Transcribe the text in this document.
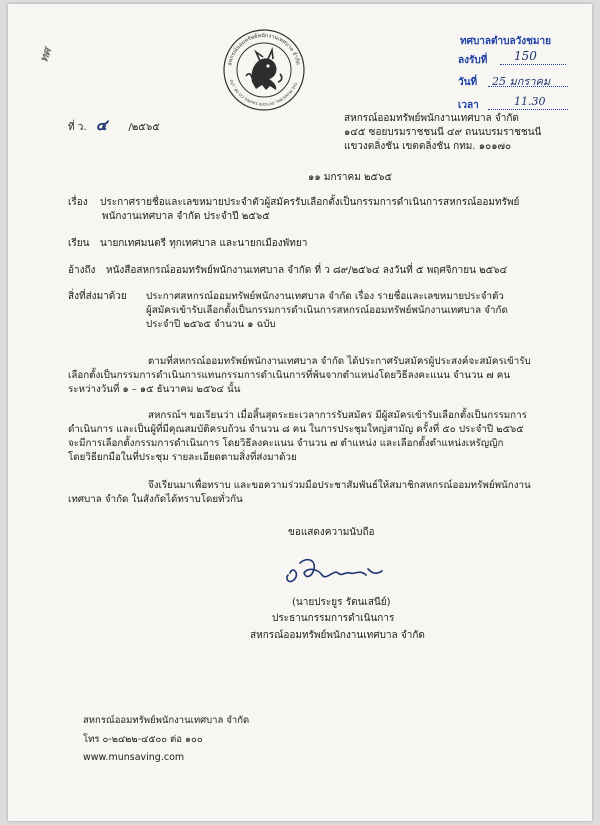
ทศ	สหกรณ์ออมทรัพย์พนักงานเทศบาล จำกัด
THE MUNICIPAL OFFICER SAVING CO-OP., LTD.
ทศบาลตำบลวังชมาย
ลงรับที่ 150
วันที่ 25 มกราคม
เวลา	11.30
ที่ ว. ๔ /๒๕๖๕
สหกรณ์ออมทรัพย์พนักงานเทศบาล จำกัด
๑๔๕ ซอยบรมราชชนนี ๔๙ ถนนบรมราชชนนี
แขวงตลิ่งชัน เขตตลิ่งชัน กทม. ๑๐๑๗๐
๑๑ มกราคม ๒๕๖๕
เรื่อง ประกาศรายชื่อและเลขหมายประจำตัวผู้สมัครรับเลือกตั้งเป็นกรรมการดำเนินการสหกรณ์ออมทรัพย์
พนักงานเทศบาล จำกัด ประจำปี ๒๕๖๕
เรียน นายกเทศมนตรี ทุกเทศบาล และนายกเมืองพัทยา
อ้างถึง หนังสือสหกรณ์ออมทรัพย์พนักงานเทศบาล จำกัด ที่ ว ๘๙/๒๕๖๔ ลงวันที่ ๕ พฤศจิกายน ๒๕๖๔
สิ่งที่ส่งมาด้วย ประกาศสหกรณ์ออมทรัพย์พนักงานเทศบาล จำกัด เรื่อง รายชื่อและเลขหมายประจำตัว
ผู้สมัครเข้ารับเลือกตั้งเป็นกรรมการดำเนินการสหกรณ์ออมทรัพย์พนักงานเทศบาล จำกัด
ประจำปี ๒๕๖๕ จำนวน ๑ ฉบับ
ตามที่สหกรณ์ออมทรัพย์พนักงานเทศบาล จำกัด ได้ประกาศรับสมัครผู้ประสงค์จะสมัครเข้ารับ
เลือกตั้งเป็นกรรมการดำเนินการแทนกรรมการดำเนินการที่พ้นจากตำแหน่งโดยวิธีลงคะแนน จำนวน ๗ คน
ระหว่างวันที่ ๑ – ๑๕ ธันวาคม ๒๕๖๔ นั้น
สหกรณ์ฯ ขอเรียนว่า เมื่อสิ้นสุดระยะเวลาการรับสมัคร มีผู้สมัครเข้ารับเลือกตั้งเป็นกรรมการ
ดำเนินการ และเป็นผู้ที่มีคุณสมบัติครบถ้วน จำนวน ๘ คน ในการประชุมใหญ่สามัญ ครั้งที่ ๕๐ ประจำปี ๒๕๖๕
จะมีการเลือกตั้งกรรมการดำเนินการ โดยวิธีลงคะแนน จำนวน ๗ ตำแหน่ง และเลือกตั้งตำแหน่งเหรัญญิก
โดยวิธียกมือในที่ประชุม รายละเอียดตามสิ่งที่ส่งมาด้วย
จึงเรียนมาเพื่อทราบ และขอความร่วมมือประชาสัมพันธ์ให้สมาชิกสหกรณ์ออมทรัพย์พนักงาน
เทศบาล จำกัด ในสังกัดได้ทราบโดยทั่วกัน
ขอแสดงความนับถือ
(นายประยูร รัตนเสนีย์)
ประธานกรรมการดำเนินการ
สหกรณ์ออมทรัพย์พนักงานเทศบาล จำกัด
สหกรณ์ออมทรัพย์พนักงานเทศบาล จำกัด
โทร ๐-๒๔๒๒-๔๕๐๐ ต่อ ๑๐๐
www.munsaving.com
